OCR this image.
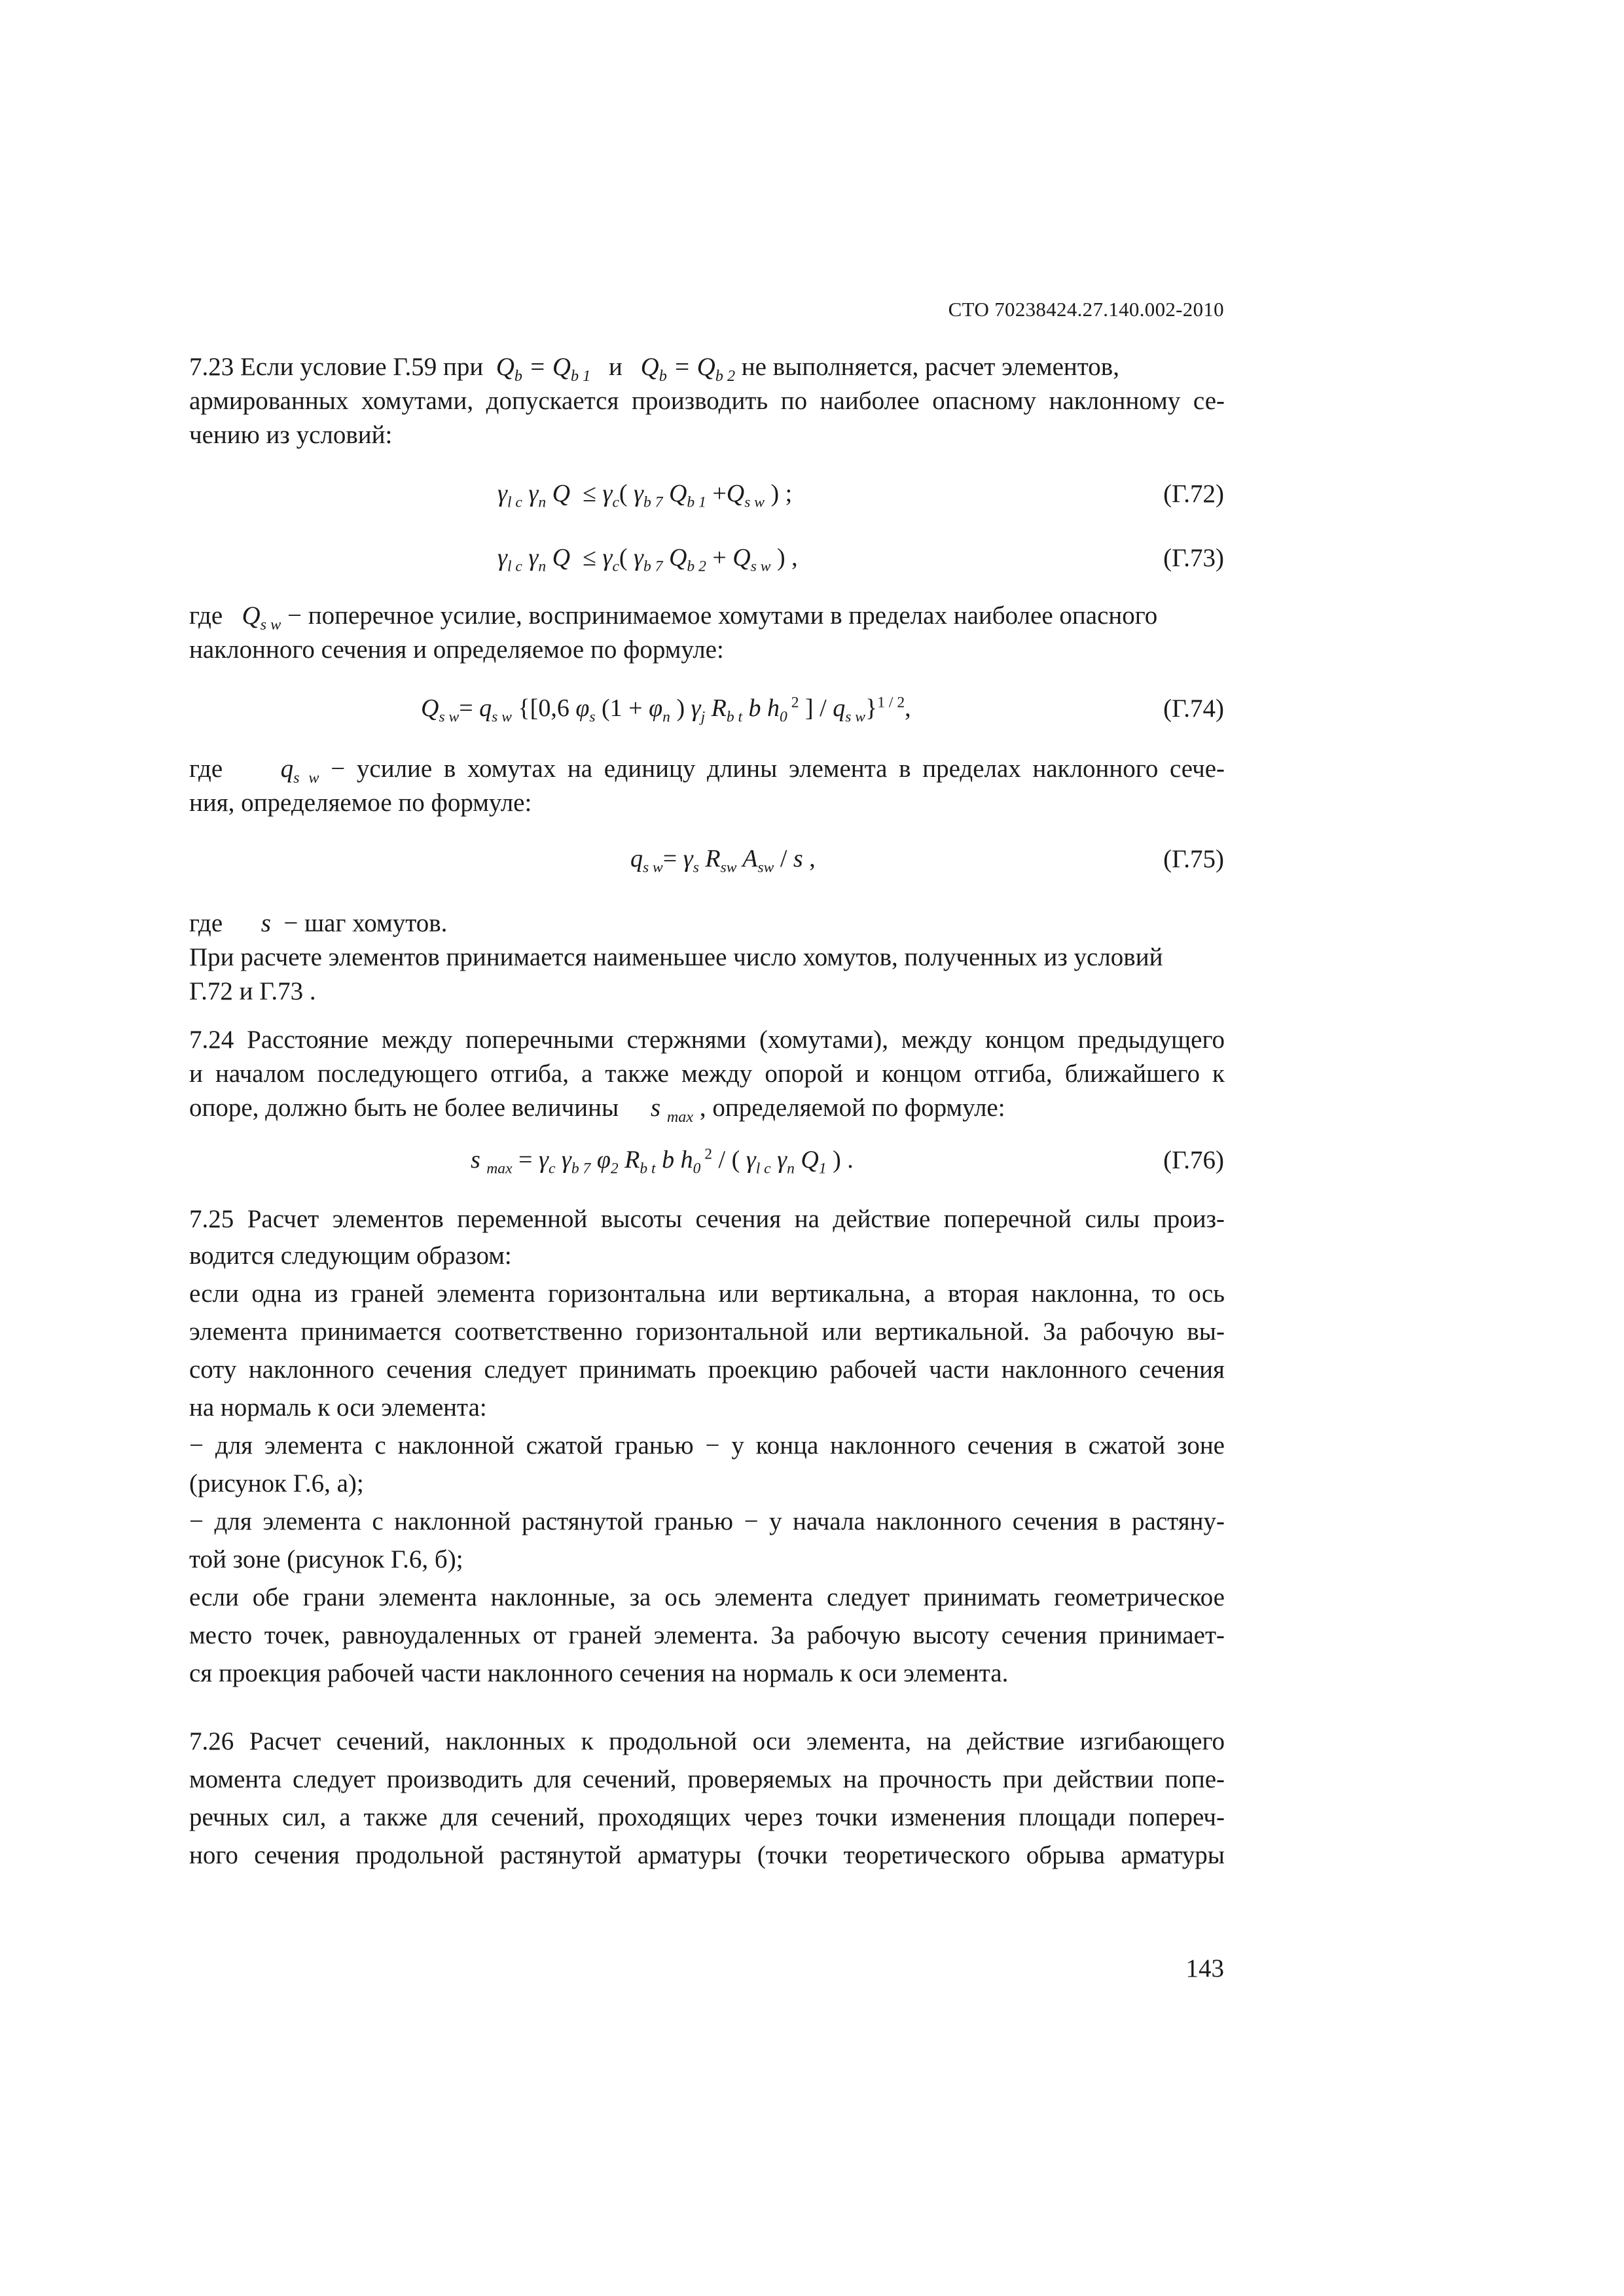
СТО 70238424.27.140.002-2010
7.23 Если условие Г.59 при  $Q_b = Q_{b 1}$ и $Q_b = Q_{b 2}$ не выполняется, расчет элементов,
армированных хомутами, допускается производить по наиболее опасному наклонному се-
чению из условий:
$\gamma_{l c}$ $\gamma_n$ $Q \le \gamma_c$( $\gamma_{b 7}$ $Q_{b 1} +Q_{s w}$ ) ;	(Г.72)
$\gamma_{l c}$ $\gamma_n$ $Q \le \gamma_c$( $\gamma_{b 7}$ $Q_{b 2} + Q_{s w}$ ) ,	(Г.73)
где $Q_{s w}$ − поперечное усилие, воспринимаемое хомутами в пределах наиболее опасного
наклонного сечения и определяемое по формуле:
$Q_{s w}= q_{s w}$ {[0,6 $\varphi_s$ ($1 + \varphi_n$ ) $\gamma_j$ $R_{b t}$ b $h_0$ $^2$ ] / $q_{s w}\}^{1 / 2}$,	(Г.74)
где $q_{s w}$ − усилие в хомутах на единицу длины элемента в пределах наклонного сече-
ния, определяемое по формуле:
$q_{s w}= \gamma_s$ $R_{sw}$ $A_{sw}$ / s ,	(Г.75)
где s  − шаг хомутов.
При расчете элементов принимается наименьшее число хомутов, полученных из условий
Г.72 и Г.73 .
7.24 Расстояние между поперечными стержнями (хомутами), между концом предыдущего
и началом последующего отгиба, а также между опорой и концом отгиба, ближайшего к
опоре, должно быть не более величины s $_{max}$ , определяемой по формуле:
s $_{max} = \gamma_c$ $\gamma_{b 7}$ $\varphi_2$ $R_{b t}$ b $h_0$ $^2$ / ( $\gamma_{l c}$ $\gamma_n$ $Q_1$ ) .	(Г.76)
7.25 Расчет элементов переменной высоты сечения на действие поперечной силы произ-
водится следующим образом:
если одна из граней элемента горизонтальна или вертикальна, а вторая наклонна, то ось
элемента принимается соответственно горизонтальной или вертикальной. За рабочую вы-
соту наклонного сечения следует принимать проекцию рабочей части наклонного сечения
на нормаль к оси элемента:
− для элемента с наклонной сжатой гранью − у конца наклонного сечения в сжатой зоне
(рисунок Г.6, а);
− для элемента с наклонной растянутой гранью − у начала наклонного сечения в растяну-
той зоне (рисунок Г.6, б);
если обе грани элемента наклонные, за ось элемента следует принимать геометрическое
место точек, равноудаленных от граней элемента. За рабочую высоту сечения принимает-
ся проекция рабочей части наклонного сечения на нормаль к оси элемента.
7.26 Расчет сечений, наклонных к продольной оси элемента, на действие изгибающего
момента следует производить для сечений, проверяемых на прочность при действии попе-
речных сил, а также для сечений, проходящих через точки изменения площади попереч-
ного сечения продольной растянутой арматуры (точки теоретического обрыва арматуры
143
